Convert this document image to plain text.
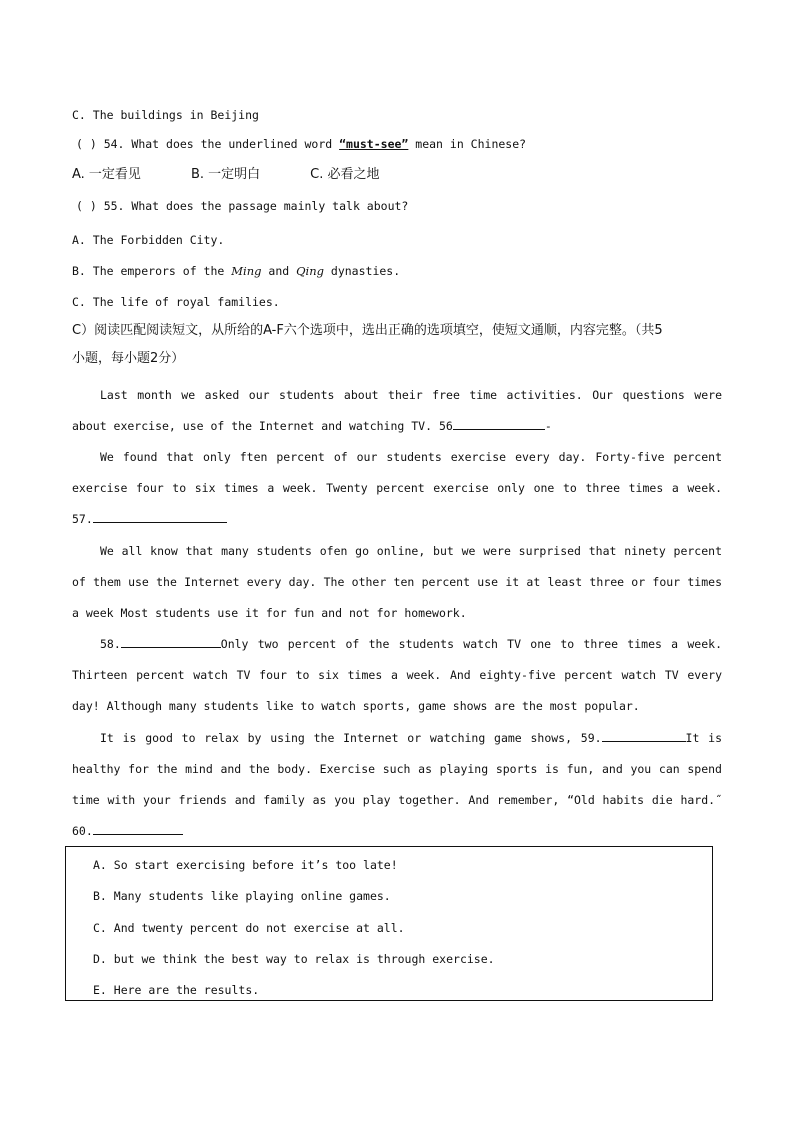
C. The buildings in Beijing
( ) 54. What does the underlined word “must-see” mean in Chinese?
A. 一定看见	B. 一定明白	C. 必看之地
( ) 55. What does the passage mainly talk about?
A. The Forbidden City.
B. The emperors of the Ming and Qing dynasties.
C. The life of royal families.
C）阅读匹配阅读短文，从所给的A-F六个选项中，选出正确的选项填空，使短文通顺，内容完整。（共5
小题，每小题2分）
Last month we asked our students about their free time activities. Our questions were about exercise, use of the Internet and watching TV. 56	-
We found that only ften percent of our students exercise every day. Forty-five percent exercise four to six times a week. Twenty percent exercise only one to three times a week. 57.
We all know that many students ofen go online, but we were surprised that ninety percent of them use the Internet every day. The other ten percent use it at least three or four times a week Most students use it for fun and not for homework.
58.	Only two percent of the students watch TV one to three times a week. Thirteen percent watch TV four to six times a week. And eighty-five percent watch TV every day! Although many students like to watch sports, game shows are the most popular.
It is good to relax by using the Internet or watching game shows, 59.	It is healthy for the mind and the body. Exercise such as playing sports is fun, and you can spend time with your friends and family as you play together. And remember, “Old habits die hard.˝ 60.
A. So start exercising before it’s too late!
B. Many students like playing online games.
C. And twenty percent do not exercise at all.
D. but we think the best way to relax is through exercise.
E. Here are the results.
